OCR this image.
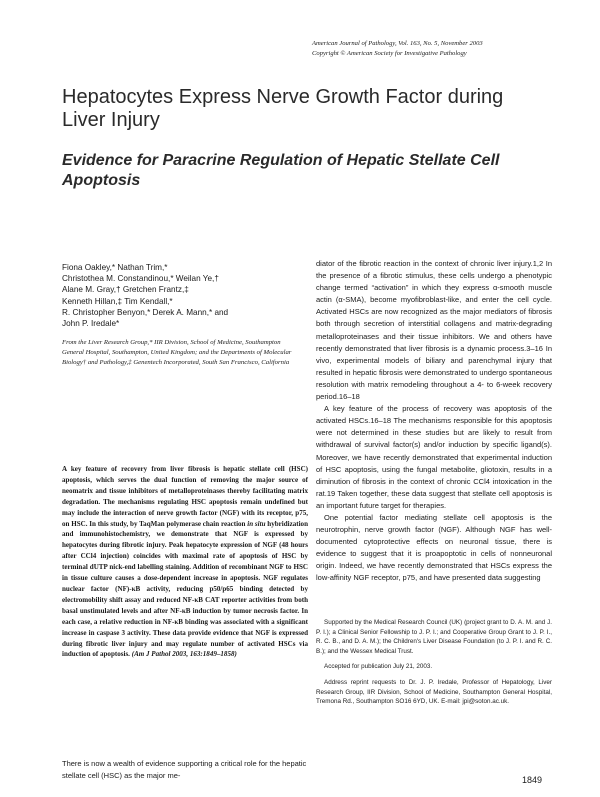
American Journal of Pathology, Vol. 163, No. 5, November 2003
Copyright © American Society for Investigative Pathology
Hepatocytes Express Nerve Growth Factor during Liver Injury
Evidence for Paracrine Regulation of Hepatic Stellate Cell Apoptosis
Fiona Oakley,* Nathan Trim,*
Christothea M. Constandinou,* Weilan Ye,†
Alane M. Gray,† Gretchen Frantz,‡
Kenneth Hillan,‡ Tim Kendall,*
R. Christopher Benyon,* Derek A. Mann,* and
John P. Iredale*
From the Liver Research Group,* IIR Division, School of Medicine, Southampton General Hospital, Southampton, United Kingdom; and the Departments of Molecular Biology† and Pathology,‡ Genentech Incorporated, South San Francisco, California
A key feature of recovery from liver fibrosis is hepatic stellate cell (HSC) apoptosis, which serves the dual function of removing the major source of neomatrix and tissue inhibitors of metalloproteinases thereby facilitating matrix degradation. The mechanisms regulating HSC apoptosis remain undefined but may include the interaction of nerve growth factor (NGF) with its receptor, p75, on HSC. In this study, by TaqMan polymerase chain reaction in situ hybridization and immunohistochemistry, we demonstrate that NGF is expressed by hepatocytes during fibrotic injury. Peak hepatocyte expression of NGF (48 hours after CCl4 injection) coincides with maximal rate of apoptosis of HSC by terminal dUTP nick-end labelling staining. Addition of recombinant NGF to HSC in tissue culture causes a dose-dependent increase in apoptosis. NGF regulates nuclear factor (NF)-κB activity, reducing p50/p65 binding detected by electromobility shift assay and reduced NF-κB CAT reporter activities from both basal unstimulated levels and after NF-κB induction by tumor necrosis factor. In each case, a relative reduction in NF-κB binding was associated with a significant increase in caspase 3 activity. These data provide evidence that NGF is expressed during fibrotic liver injury and may regulate number of activated HSCs via induction of apoptosis. (Am J Pathol 2003, 163:1849–1858)
There is now a wealth of evidence supporting a critical role for the hepatic stellate cell (HSC) as the major me-

diator of the fibrotic reaction in the context of chronic liver injury.1,2 In the presence of a fibrotic stimulus, these cells undergo a phenotypic change termed “activation” in which they express α-smooth muscle actin (α-SMA), become myofibroblast-like, and enter the cell cycle. Activated HSCs are now recognized as the major mediators of fibrosis both through secretion of interstitial collagens and matrix-degrading metalloproteinases and their tissue inhibitors. We and others have recently demonstrated that liver fibrosis is a dynamic process.3–16 In vivo, experimental models of biliary and parenchymal injury that resulted in hepatic fibrosis were demonstrated to undergo spontaneous resolution with matrix remodeling throughout a 4- to 6-week recovery period.16–18

A key feature of the process of recovery was apoptosis of the activated HSCs.16–18 The mechanisms responsible for this apoptosis were not determined in these studies but are likely to result from withdrawal of survival factor(s) and/or induction by specific ligand(s). Moreover, we have recently demonstrated that experimental induction of HSC apoptosis, using the fungal metabolite, gliotoxin, results in a diminution of fibrosis in the context of chronic CCl4 intoxication in the rat.19 Taken together, these data suggest that stellate cell apoptosis is an important future target for therapies.

One potential factor mediating stellate cell apoptosis is the neurotrophin, nerve growth factor (NGF). Although NGF has well-documented cytoprotective effects on neuronal tissue, there is evidence to suggest that it is proapoptotic in cells of nonneuronal origin. Indeed, we have recently demonstrated that HSCs express the low-affinity NGF receptor, p75, and have presented data suggesting

Supported by the Medical Research Council (UK) (project grant to D. A. M. and J. P. I.); a Clinical Senior Fellowship to J. P. I.; and Cooperative Group Grant to J. P. I., R. C. B., and D. A. M.); the Children's Liver Disease Foundation (to J. P. I. and R. C. B.); and the Wessex Medical Trust.

Accepted for publication July 21, 2003.

Address reprint requests to Dr. J. P. Iredale, Professor of Hepatology, Liver Research Group, IIR Division, School of Medicine, Southampton General Hospital, Tremona Rd., Southampton SO16 6YD, UK. E-mail: jpi@soton.ac.uk.

1849
